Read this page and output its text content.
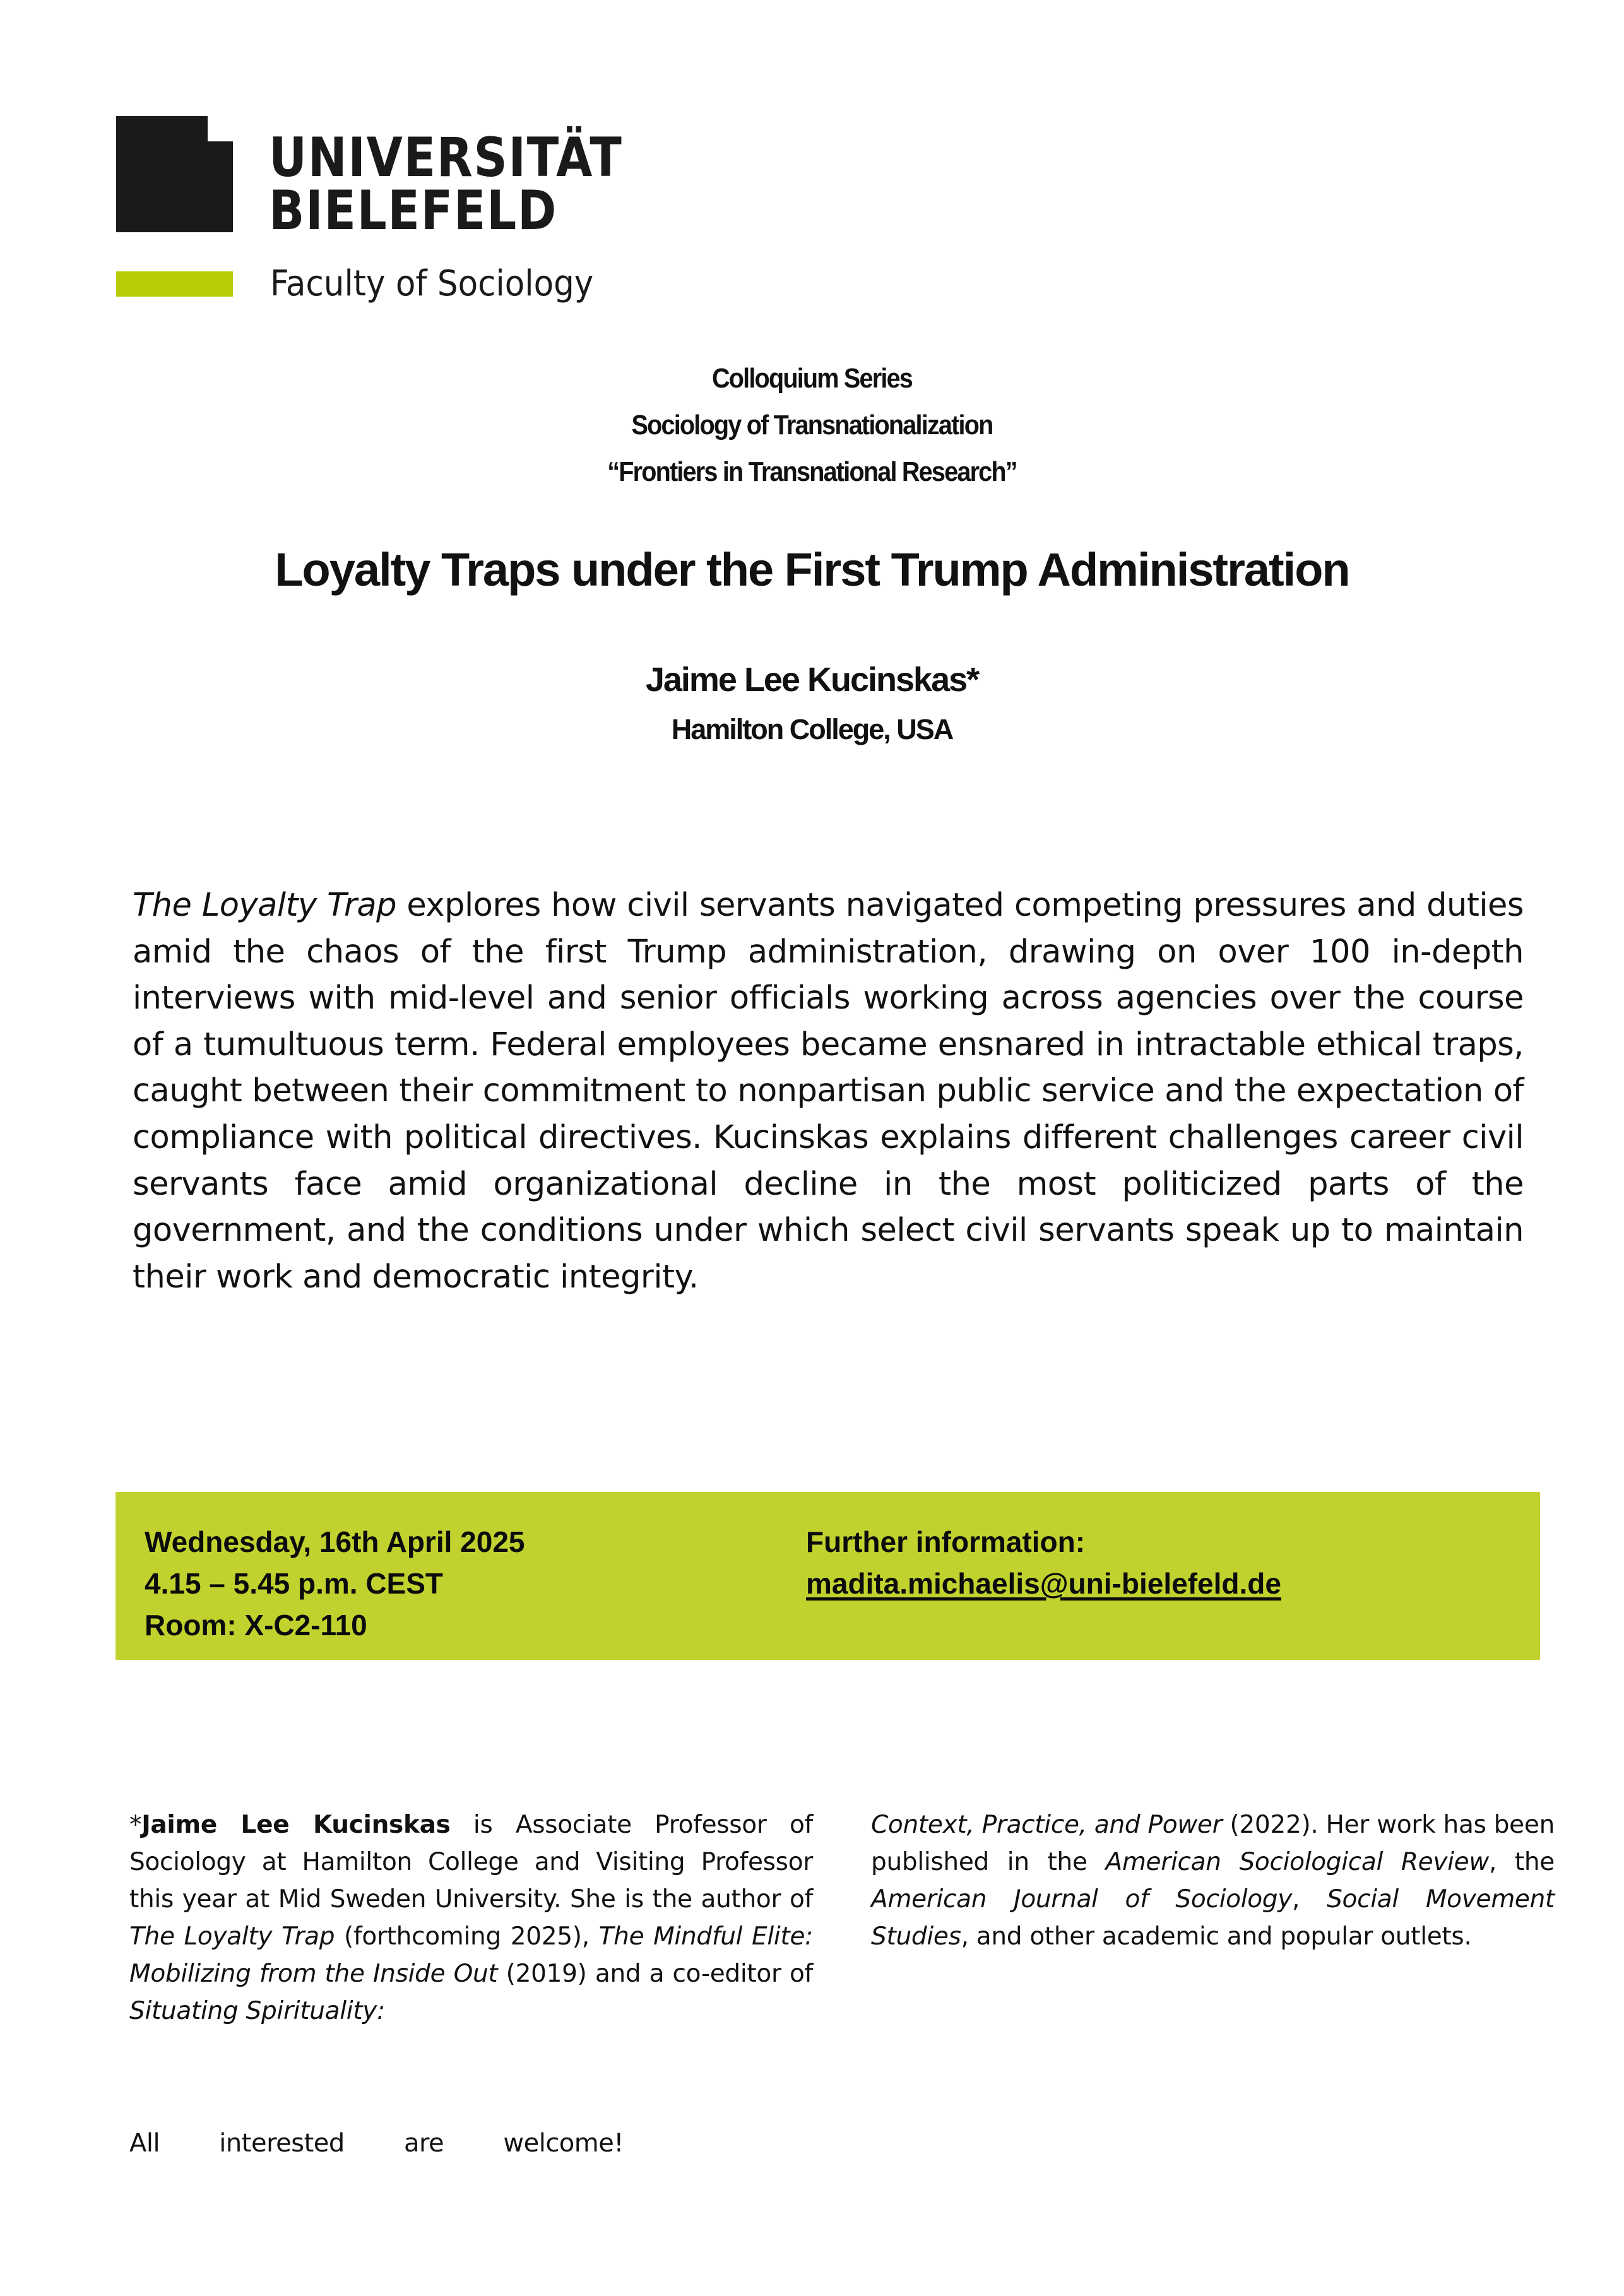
UNIVERSITÄT
BIELEFELD
Faculty of Sociology
Colloquium Series
Sociology of Transnationalization
“Frontiers in Transnational Research”
Loyalty Traps under the First Trump Administration
Jaime Lee Kucinskas*
Hamilton College, USA
The Loyalty Trap explores how civil servants navigated competing pressures and duties amid the chaos of the first Trump administration, drawing on over 100 in-depth interviews with mid-level and senior officials working across agencies over the course of a tumultuous term. Federal employees became ensnared in intractable ethical traps, caught between their commitment to nonpartisan public service and the expectation of compliance with political directives. Kucinskas explains different challenges career civil servants face amid organizational decline in the most politicized parts of the government, and the conditions under which select civil servants speak up to maintain their work and democratic integrity.
Wednesday, 16th April 2025
4.15 – 5.45 p.m. CEST
Room: X-C2-110
Further information:
madita.michaelis@uni-bielefeld.de
*Jaime Lee Kucinskas is Associate Professor of Sociology at Hamilton College and Visiting Professor this year at Mid Sweden University. She is the author of The Loyalty Trap (forthcoming 2025), The Mindful Elite: Mobilizing from the Inside Out (2019) and a co-editor of Situating Spirituality:
Context, Practice, and Power (2022). Her work has been published in the American Sociological Review, the American Journal of Sociology, Social Movement Studies, and other academic and popular outlets.
All interested are welcome!
